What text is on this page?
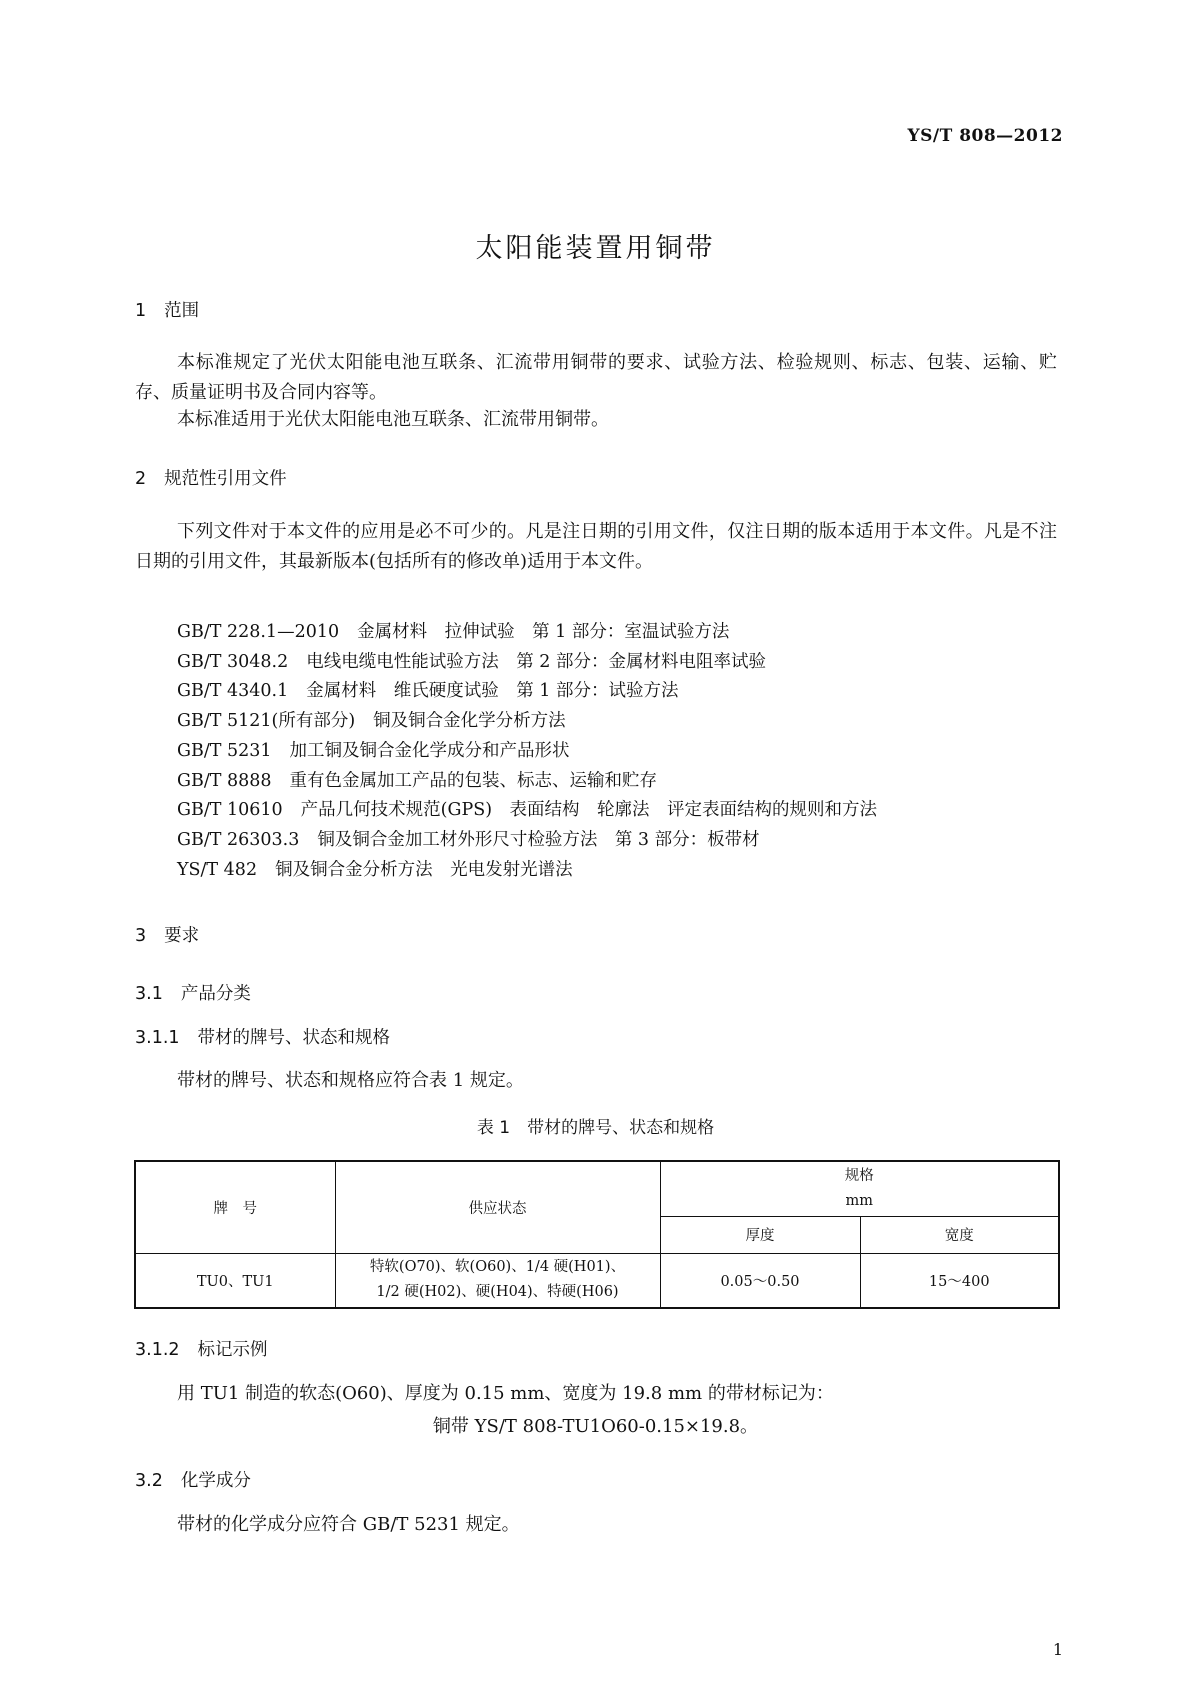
YS/T 808—2012
太阳能装置用铜带
1 范围

本标准规定了光伏太阳能电池互联条、汇流带用铜带的要求、试验方法、检验规则、标志、包装、运输、贮存、质量证明书及合同内容等。

本标准适用于光伏太阳能电池互联条、汇流带用铜带。

2 规范性引用文件

下列文件对于本文件的应用是必不可少的。凡是注日期的引用文件，仅注日期的版本适用于本文件。凡是不注日期的引用文件，其最新版本(包括所有的修改单)适用于本文件。

GB/T 228.1—2010 金属材料　拉伸试验　第 1 部分：室温试验方法
GB/T 3048.2 电线电缆电性能试验方法　第 2 部分：金属材料电阻率试验
GB/T 4340.1 金属材料　维氏硬度试验　第 1 部分：试验方法
GB/T 5121(所有部分) 铜及铜合金化学分析方法
GB/T 5231 加工铜及铜合金化学成分和产品形状
GB/T 8888 重有色金属加工产品的包装、标志、运输和贮存
GB/T 10610 产品几何技术规范(GPS)　表面结构　轮廓法　评定表面结构的规则和方法
GB/T 26303.3 铜及铜合金加工材外形尺寸检验方法　第 3 部分：板带材
YS/T 482 铜及铜合金分析方法　光电发射光谱法
3 要求
3.1 产品分类
3.1.1 带材的牌号、状态和规格

带材的牌号、状态和规格应符合表 1 规定。

表 1　带材的牌号、状态和规格
牌　号	供应状态	规格
mm	

		厚度	宽度
TU0、TU1	特软(O70)、软(O60)、1/4 硬(H01)、
1/2 硬(H02)、硬(H04)、特硬(H06)	0.05～0.50	15～400
3.1.2 标记示例

用 TU1 制造的软态(O60)、厚度为 0.15 mm、宽度为 19.8 mm 的带材标记为：

铜带 YS/T 808-TU1O60-0.15×19.8。
3.2 化学成分

带材的化学成分应符合 GB/T 5231 规定。

1
